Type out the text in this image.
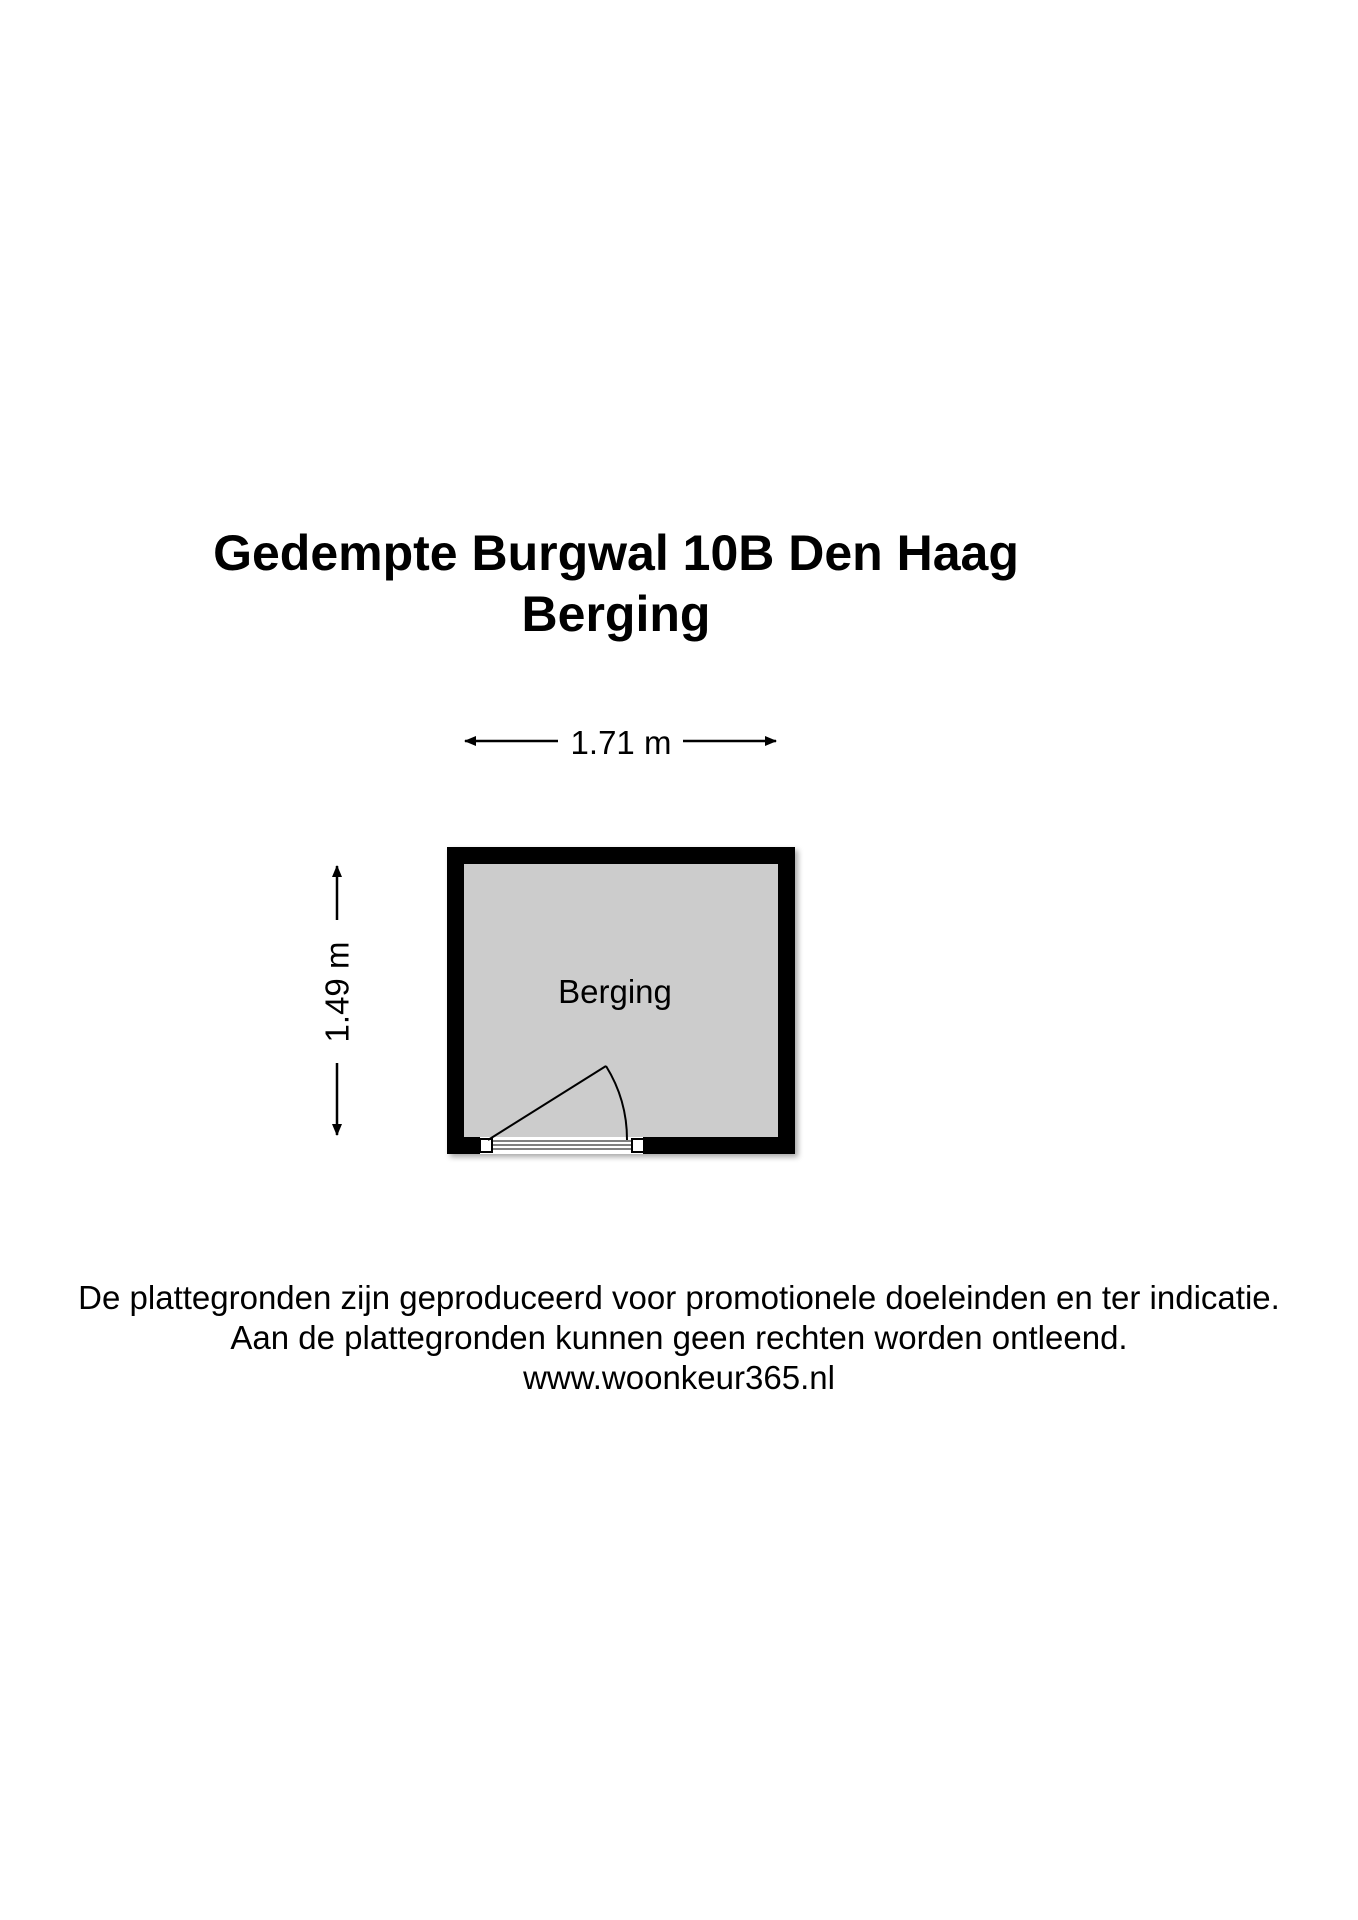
Gedempte Burgwal 10B Den Haag
Berging
1.71 m
1.49 m	Berging
De plattegronden zijn geproduceerd voor promotionele doeleinden en ter indicatie.
Aan de plattegronden kunnen geen rechten worden ontleend.
www.woonkeur365.nl
